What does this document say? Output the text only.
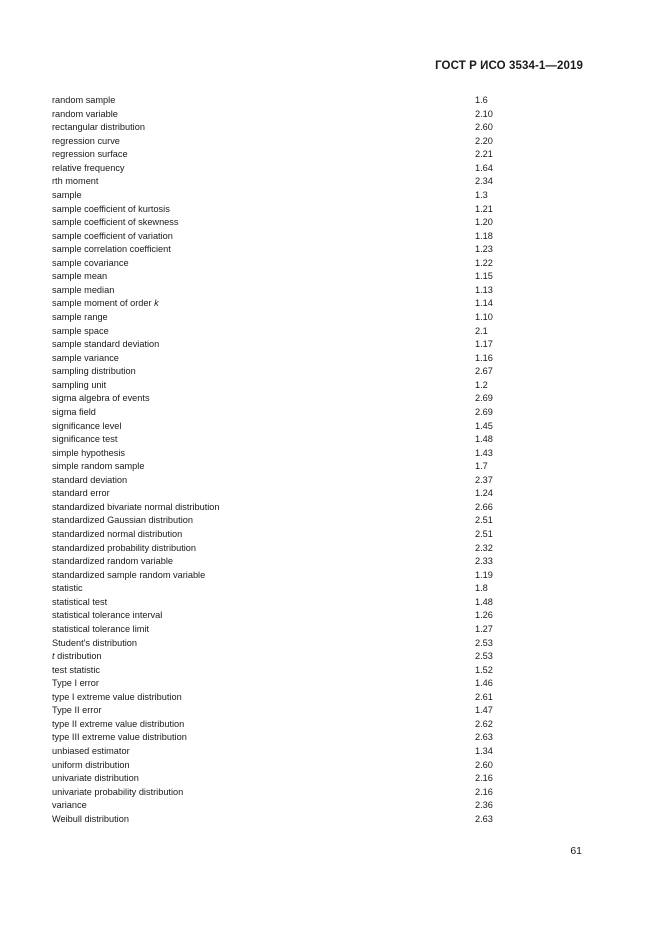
ГОСТ Р ИСО 3534-1—2019
random sample	1.6
random variable	2.10
rectangular distribution	2.60
regression curve	2.20
regression surface	2.21
relative frequency	1.64
rth moment	2.34
sample	1.3
sample coefficient of kurtosis	1.21
sample coefficient of skewness	1.20
sample coefficient of variation	1.18
sample correlation coefficient	1.23
sample covariance	1.22
sample mean	1.15
sample median	1.13
sample moment of order k	1.14
sample range	1.10
sample space	2.1
sample standard deviation	1.17
sample variance	1.16
sampling distribution	2.67
sampling unit	1.2
sigma algebra of events	2.69
sigma field	2.69
significance level	1.45
significance test	1.48
simple hypothesis	1.43
simple random sample	1.7
standard deviation	2.37
standard error	1.24
standardized bivariate normal distribution	2.66
standardized Gaussian distribution	2.51
standardized normal distribution	2.51
standardized probability distribution	2.32
standardized random variable	2.33
standardized sample random variable	1.19
statistic	1.8
statistical test	1.48
statistical tolerance interval	1.26
statistical tolerance limit	1.27
Student's distribution	2.53
t distribution	2.53
test statistic	1.52
Type I error	1.46
type I extreme value distribution	2.61
Type II error	1.47
type II extreme value distribution	2.62
type III extreme value distribution	2.63
unbiased estimator	1.34
uniform distribution	2.60
univariate distribution	2.16
univariate probability distribution	2.16
variance	2.36
Weibull distribution	2.63
61
